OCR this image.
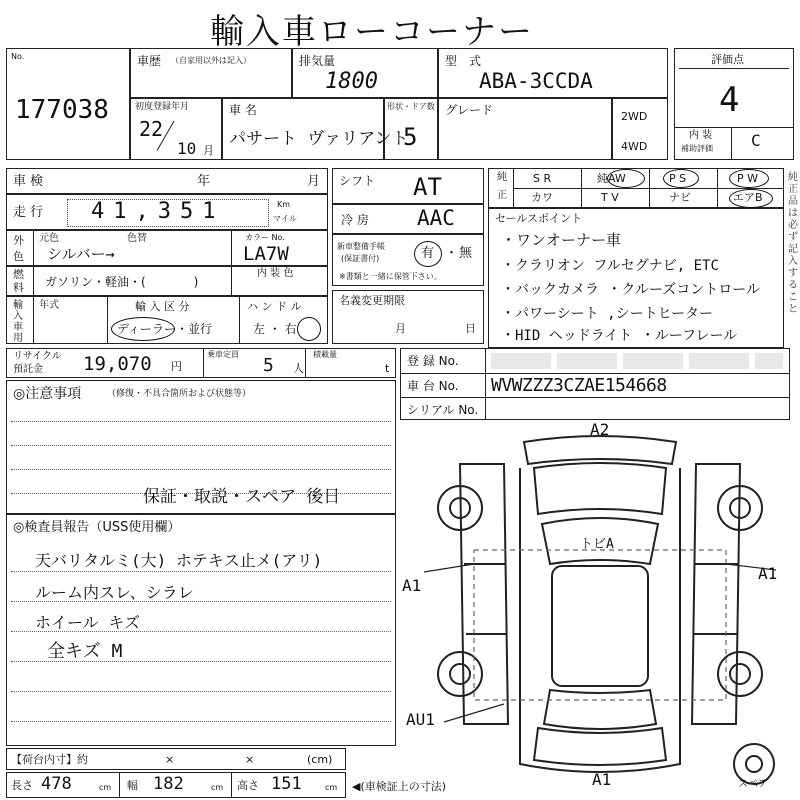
輸入車ローコーナー
No.
177038
車歴 （自家用以外は記入）	排気量
1800
型　式
ABA-3CCDA
評価点
4
内 装
補助評価 C
初度登録年月
22
10 月
車 名
パサート ヴァリアント
形状・ドア数
5
グレード	2WD
4WD
車 検	年	月
走 行 41,351	Km
マイル
シフト AT
冷 房 AAC
純
正
S R	純AW	P S	P W
カワ	T V	ナビ	エアB
純正品は必ず記入すること
外
色
元色	色替
シルバー→
カラー No.
LA7W
燃
料 ガソリン・軽油・(　　　　)
内 装 色
新車整備手帳
(保証書付)	有 ・ 無
※書類と一緒に保管下さい。
セールスポイント
・ワンオーナー車
・クラリオン フルセグナビ, ETC
・バックカメラ ・クルーズコントロール
・パワーシート ,シートヒーター
・HID ヘッドライト ・ルーフレール
輸入車用
年式	輸 入 区 分
ディーラー・並行
ハ ン ド ル
左 ・ 右
名義変更期限
月	日
リサイクル
預託金 19,070 円
乗車定員
5 人
積載量
t
登 録 No.
車 台 No. WVWZZZ3CZAE154668
シリアル No.
◎注意事項	（修復・不具合箇所および状態等）
保証・取説・スペア 後日
◎検査員報告（USS使用欄）
天バリタルミ(大) ホテキス止メ(アリ)
ルーム内スレ、シラレ
ホイール キズ
全キズ M
A2
トビA
A1
A1
AU1
A1	スペア
【荷台内寸】約	×	×	(cm)
長さ 478	cm 幅 182	cm 高さ 151	cm ◀(車検証上の寸法)
